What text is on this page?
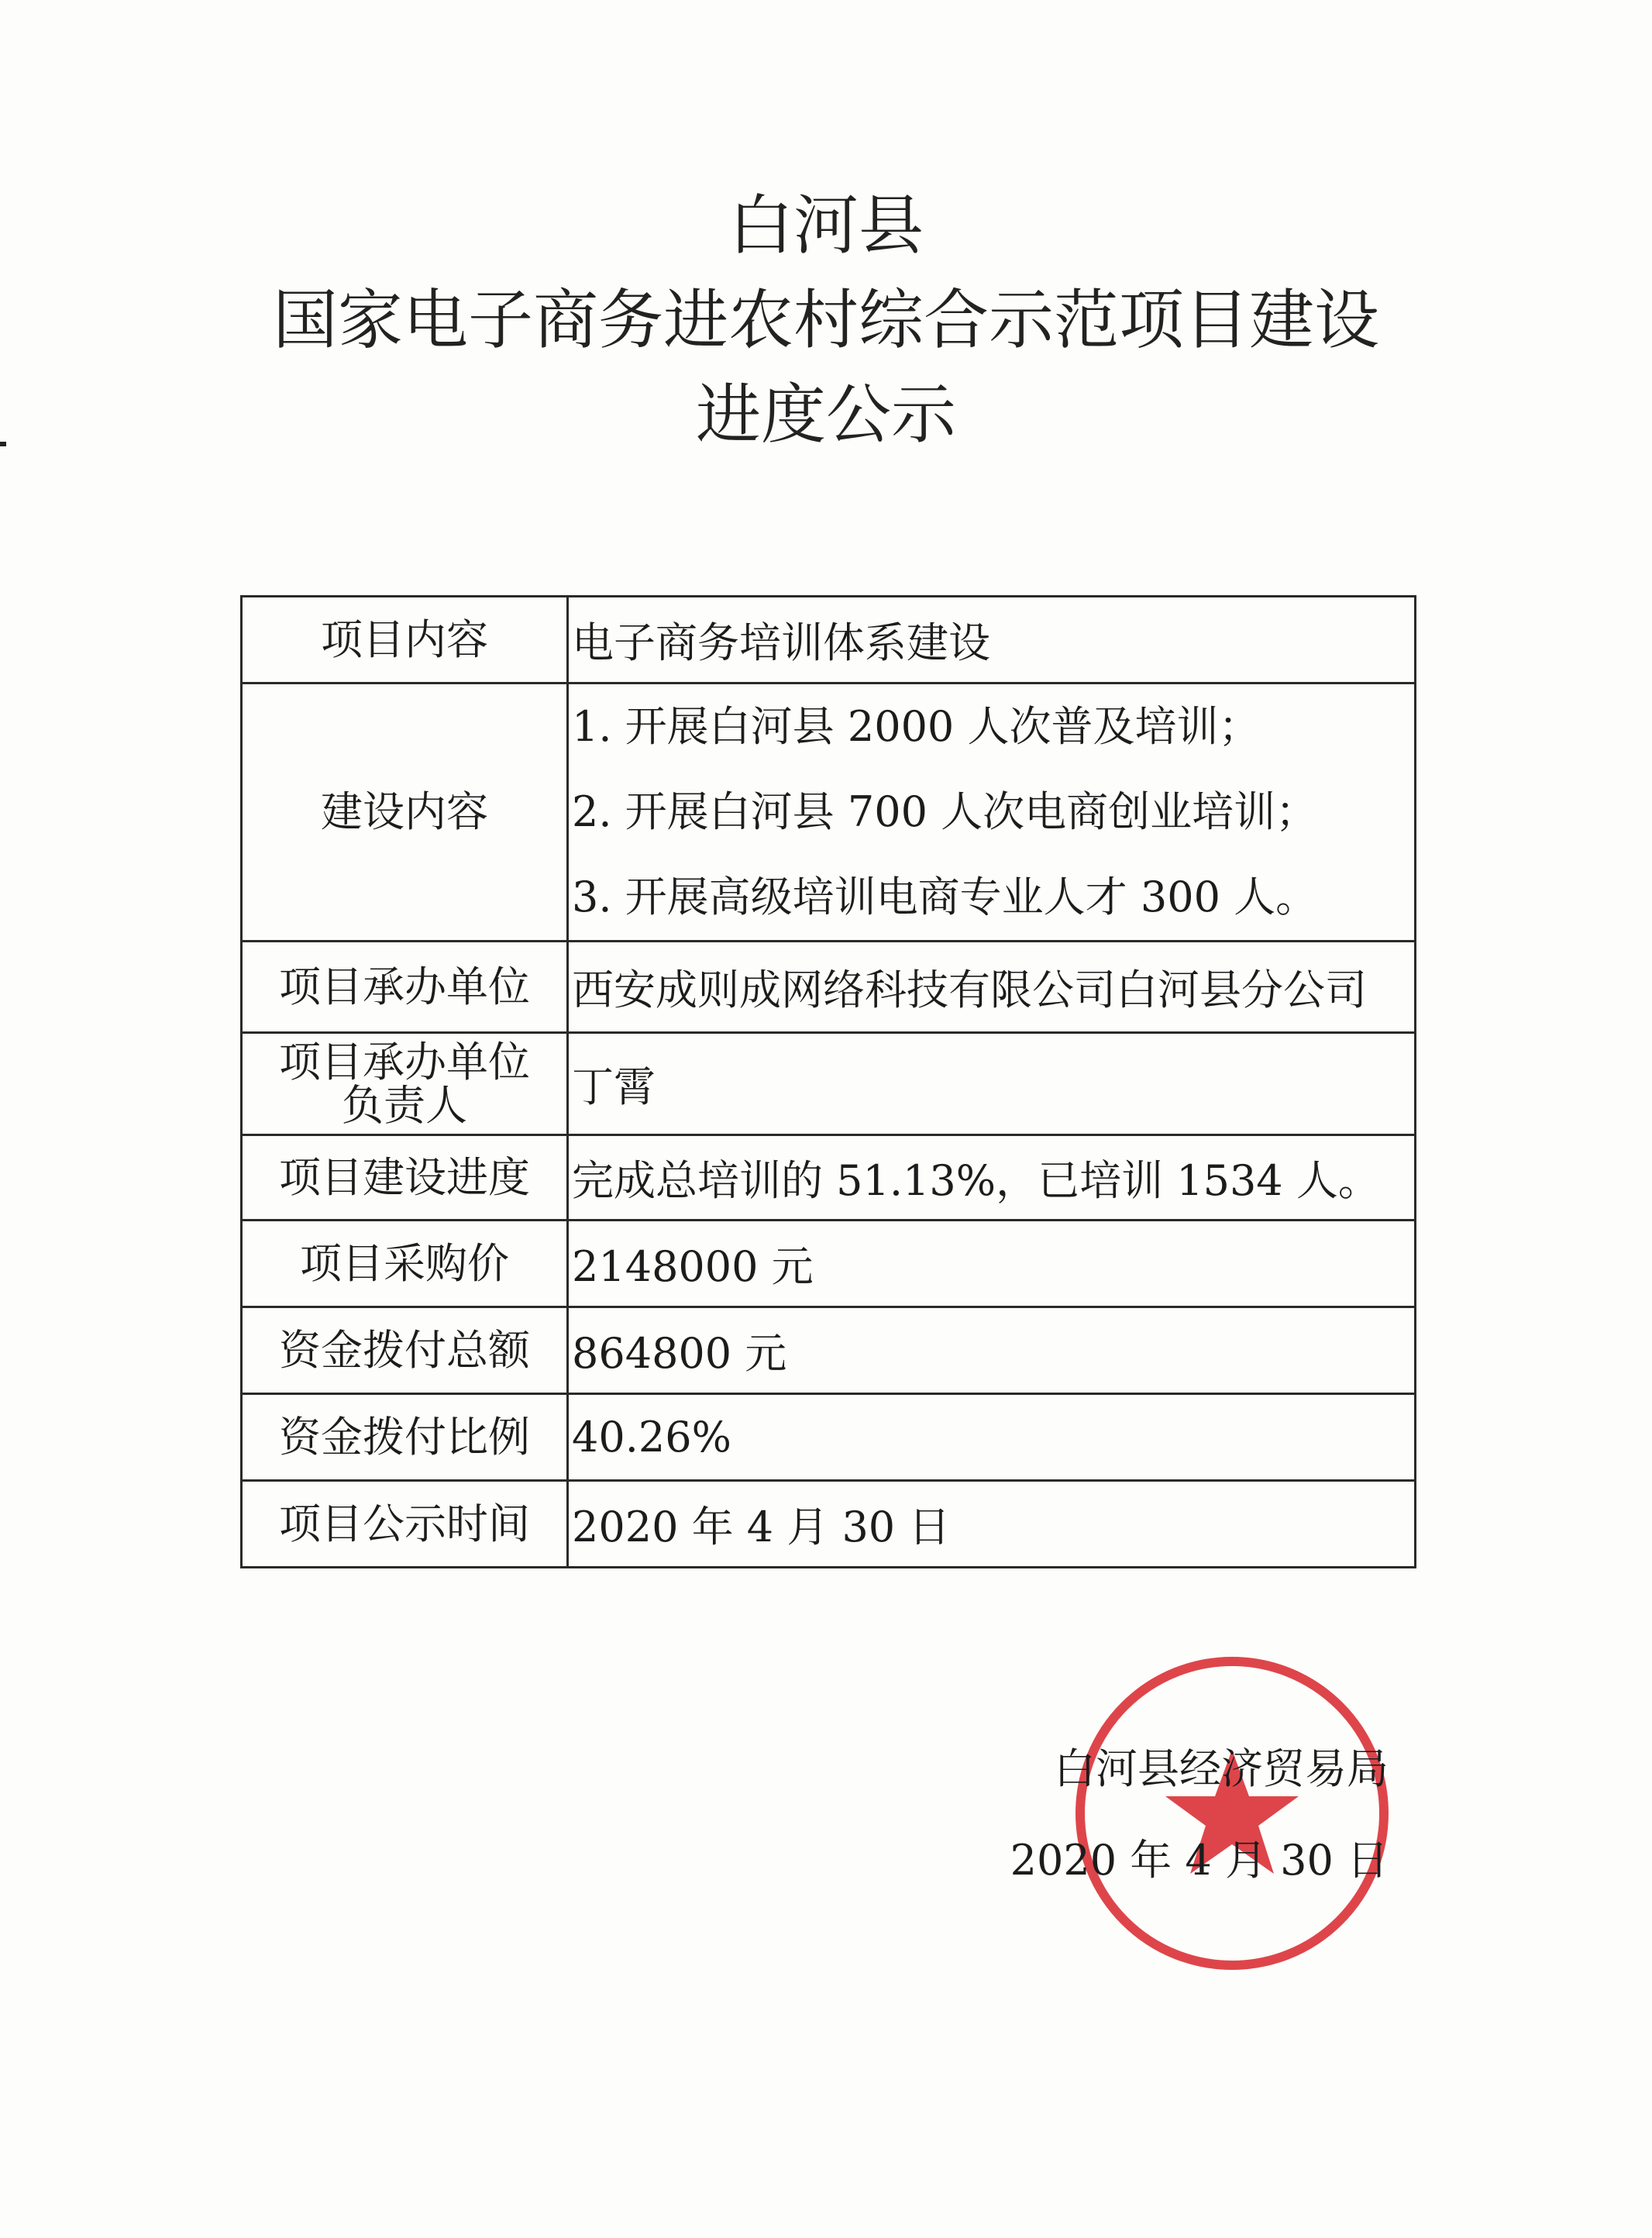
白河县
国家电子商务进农村综合示范项目建设
进度公示
项目内容	电子商务培训体系建设
建设内容	1. 开展白河县 2000 人次普及培训；
2. 开展白河县 700 人次电商创业培训；
3. 开展高级培训电商专业人才 300 人。

项目承办单位	西安成则成网络科技有限公司白河县分公司

项目承办单位
负责人	丁霄
项目建设进度	完成总培训的 51.13%，已培训 1534 人。
项目采购价	2148000 元
资金拨付总额	864800 元
资金拨付比例	40.26%
项目公示时间	2020 年 4 月 30 日
白河县经济贸易局
2020 年 4 月 30 日
